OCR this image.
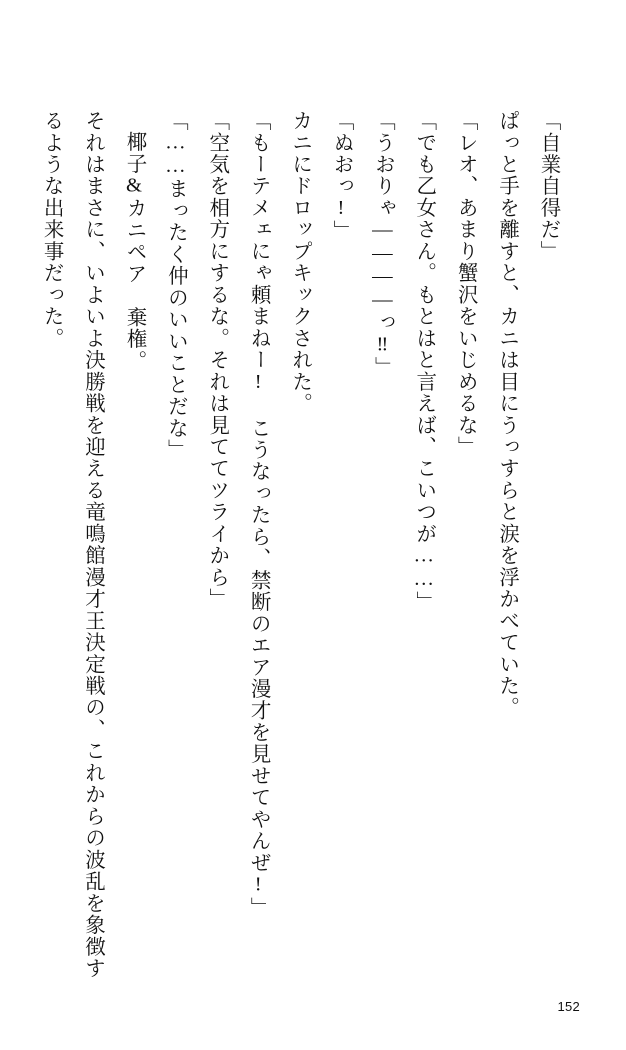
「自業自得だ」

ぱっと手を離すと、カニは目にうっすらと涙を浮かべていた。

「レオ、あまり蟹沢をいじめるな」

「でも乙女さん。もとはと言えば、こいつが……」

「うおりゃ――――っ‼」

「ぬおっ!」

カニにドロップキックされた。

「もーテメェにゃ頼まねー! こうなったら、禁断のエア漫才を見せてやんぜ!」

「空気を相方にするな。それは見ててツライから」

「……まったく仲のいいことだな」

椰子&カニペア　棄権。

それはまさに、いよいよ決勝戦を迎える竜鳴館漫才王決定戦の、これからの波乱を象徴するような出来事だった。

152
